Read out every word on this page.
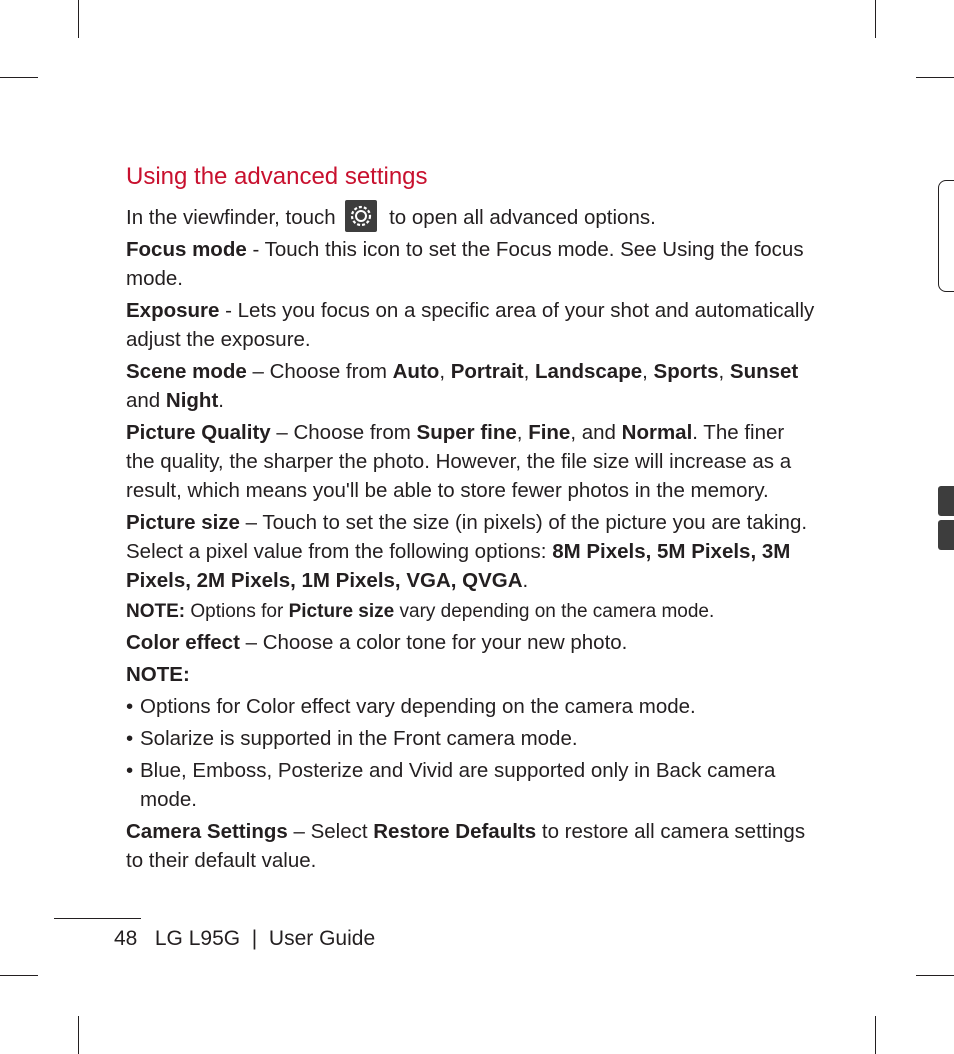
Using the advanced settings

In the viewfinder, touch	to open all advanced options.

Focus mode - Touch this icon to set the Focus mode. See Using the focus mode.

Exposure - Lets you focus on a specific area of your shot and automatically adjust the exposure.

Scene mode – Choose from Auto, Portrait, Landscape, Sports, Sunset and Night.

Picture Quality – Choose from Super fine, Fine, and Normal. The finer the quality, the sharper the photo. However, the file size will increase as a result, which means you'll be able to store fewer photos in the memory.

Picture size – Touch to set the size (in pixels) of the picture you are taking. Select a pixel value from the following options: 8M Pixels, 5M Pixels, 3M Pixels, 2M Pixels, 1M Pixels, VGA, QVGA.

NOTE: Options for Picture size vary depending on the camera mode.

Color effect – Choose a color tone for your new photo.

NOTE:

• Options for Color effect vary depending on the camera mode.

• Solarize is supported in the Front camera mode.

• Blue, Emboss, Posterize and Vivid are supported only in Back camera mode.

Camera Settings – Select Restore Defaults to restore all camera settings to their default value.

48 LG L95G | User Guide
